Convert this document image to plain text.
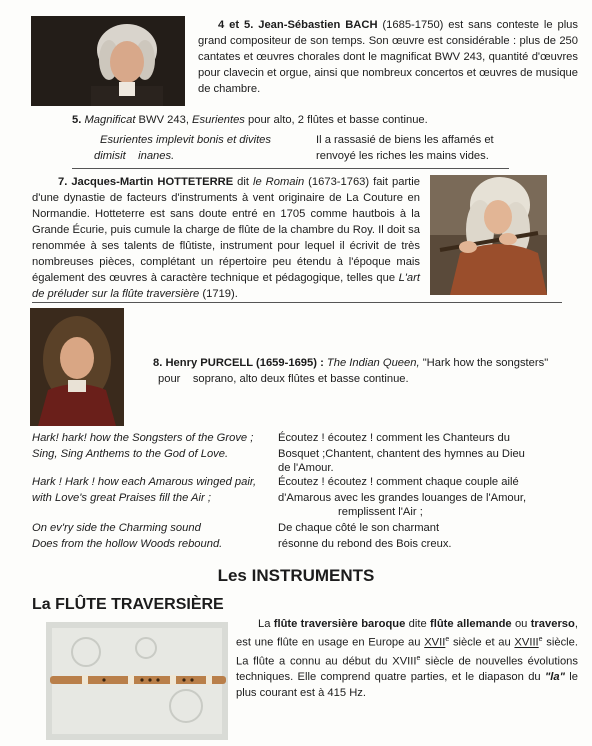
4 et 5. Jean-Sébastien BACH (1685-1750) est sans conteste le plus grand compositeur de son temps. Son œuvre est considérable : plus de 250 cantates et œuvres chorales dont le magnificat BWV 243, quantité d'œuvres pour clavecin et orgue, ainsi que nombreux concertos et œuvres de musique de chambre.
5. Magnificat BWV 243, Esurientes pour alto, 2 flûtes et basse continue.
Esurientes implevit bonis et divites
dimisit    inanes.
Il a rassasié de biens les affamés et
renvoyé les riches les mains vides.
7. Jacques-Martin HOTTETERRE dit le Romain (1673-1763) fait partie d'une dynastie de facteurs d'instruments à vent originaire de La Couture en Normandie. Hotteterre est sans doute entré en 1705 comme hautbois à la Grande Écurie, puis cumule la charge de flûte de la chambre du Roy. Il doit sa renommée à ses talents de flûtiste, instrument pour lequel il écrivit de très nombreuses pièces, complétant un répertoire peu étendu à l'époque mais également des œuvres à caractère technique et pédagogique, telles que L'art de préluder sur la flûte traversière (1719).
8. Henry PURCELL (1659-1695) : The Indian Queen, "Hark how the songsters"
pour    soprano, alto deux flûtes et basse continue.
Hark! hark! how the Songsters of the Grove ;
Sing, Sing Anthems to the God of Love.
Hark ! Hark ! how each Amarous winged pair,
with Love's great Praises fill the Air ;
On ev'ry side the Charming sound
Does from the hollow Woods rebound.
Écoutez ! écoutez ! comment les Chanteurs du
Bosquet ;Chantent, chantent des hymnes au Dieu
de l'Amour.
Écoutez ! écoutez ! comment chaque couple ailé
d'Amarous avec les grandes louanges de l'Amour,
remplissent l'Air ;
De chaque côté le son charmant
résonne du rebond des Bois creux.
Les INSTRUMENTS
La FLÛTE TRAVERSIÈRE
La flûte traversière baroque dite flûte allemande ou traverso, est une flûte en usage en Europe au XVIIe siècle et au XVIIIe siècle. La flûte a connu au début du XVIIIe siècle de nouvelles évolutions techniques. Elle comprend quatre parties, et le diapason du "la" le plus courant est à 415 Hz.
